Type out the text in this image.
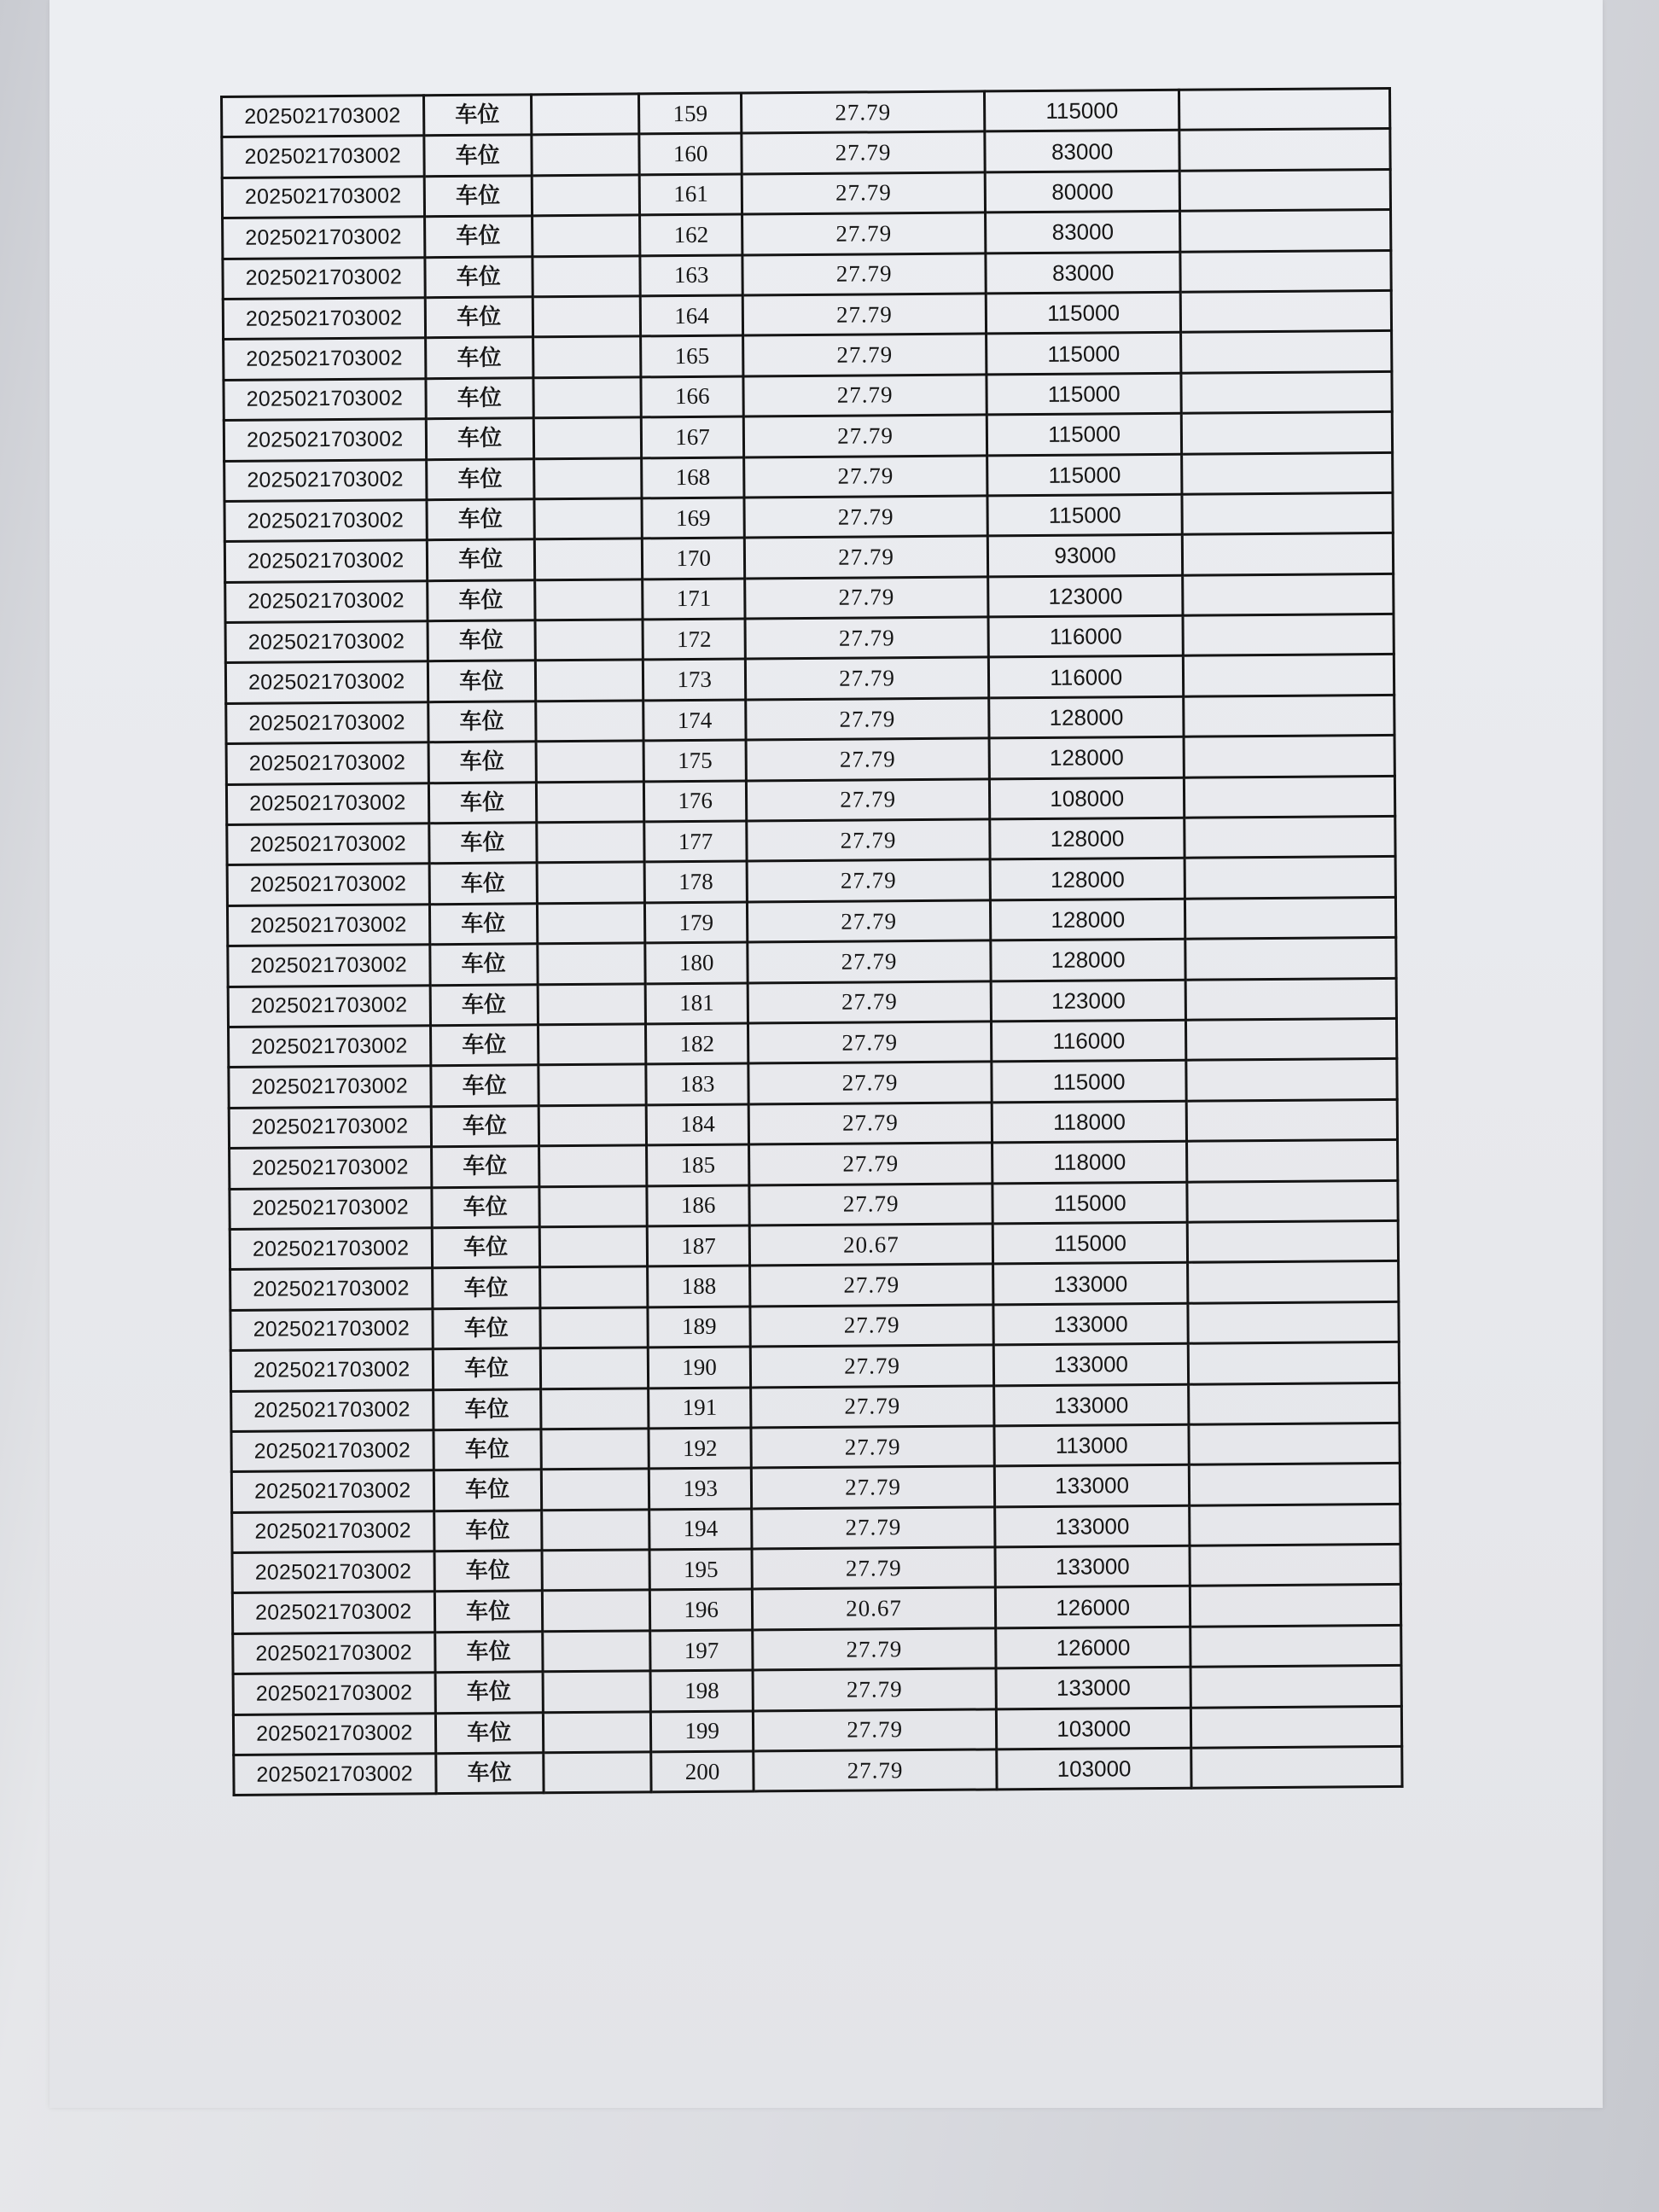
2025021703002	车位		159	27.79	115000	
2025021703002	车位		160	27.79	83000	
2025021703002	车位		161	27.79	80000	
2025021703002	车位		162	27.79	83000	
2025021703002	车位		163	27.79	83000	
2025021703002	车位		164	27.79	115000	
2025021703002	车位		165	27.79	115000	
2025021703002	车位		166	27.79	115000	
2025021703002	车位		167	27.79	115000	
2025021703002	车位		168	27.79	115000	
2025021703002	车位		169	27.79	115000	
2025021703002	车位		170	27.79	93000	
2025021703002	车位		171	27.79	123000	
2025021703002	车位		172	27.79	116000	
2025021703002	车位		173	27.79	116000	
2025021703002	车位		174	27.79	128000	
2025021703002	车位		175	27.79	128000	
2025021703002	车位		176	27.79	108000	
2025021703002	车位		177	27.79	128000	
2025021703002	车位		178	27.79	128000	
2025021703002	车位		179	27.79	128000	
2025021703002	车位		180	27.79	128000	
2025021703002	车位		181	27.79	123000	
2025021703002	车位		182	27.79	116000	
2025021703002	车位		183	27.79	115000	
2025021703002	车位		184	27.79	118000	
2025021703002	车位		185	27.79	118000	
2025021703002	车位		186	27.79	115000	
2025021703002	车位		187	20.67	115000	
2025021703002	车位		188	27.79	133000	
2025021703002	车位		189	27.79	133000	
2025021703002	车位		190	27.79	133000	
2025021703002	车位		191	27.79	133000	
2025021703002	车位		192	27.79	113000	
2025021703002	车位		193	27.79	133000	
2025021703002	车位		194	27.79	133000	
2025021703002	车位		195	27.79	133000	
2025021703002	车位		196	20.67	126000	
2025021703002	车位		197	27.79	126000	
2025021703002	车位		198	27.79	133000	
2025021703002	车位		199	27.79	103000	
2025021703002	车位		200	27.79	103000	
